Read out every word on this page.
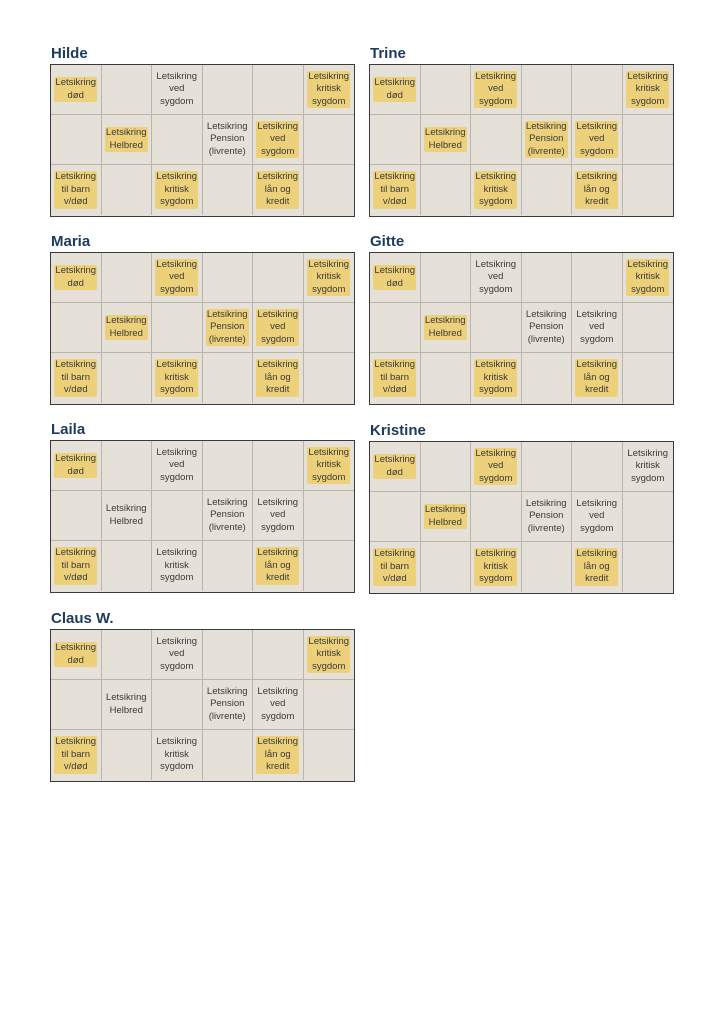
Hilde
Letsikring
død
Letsikring
ved
sygdom
Letsikring
kritisk
sygdom
Letsikring
Helbred
Letsikring
Pension
(livrente)
Letsikring
ved
sygdom
Letsikring
til barn
v/død
Letsikring
kritisk
sygdom
Letsikring
lån og
kredit
Trine
Letsikring
død
Letsikring
ved
sygdom
Letsikring
kritisk
sygdom
Letsikring
Helbred
Letsikring
Pension
(livrente)
Letsikring
ved
sygdom
Letsikring
til barn
v/død
Letsikring
kritisk
sygdom
Letsikring
lån og
kredit
Maria
Letsikring
død
Letsikring
ved
sygdom
Letsikring
kritisk
sygdom
Letsikring
Helbred
Letsikring
Pension
(livrente)
Letsikring
ved
sygdom
Letsikring
til barn
v/død
Letsikring
kritisk
sygdom
Letsikring
lån og
kredit
Gitte
Letsikring
død
Letsikring
ved
sygdom
Letsikring
kritisk
sygdom
Letsikring
Helbred
Letsikring
Pension
(livrente)
Letsikring
ved
sygdom
Letsikring
til barn
v/død
Letsikring
kritisk
sygdom
Letsikring
lån og
kredit
Laila
Letsikring
død
Letsikring
ved
sygdom
Letsikring
kritisk
sygdom
Letsikring
Helbred
Letsikring
Pension
(livrente)
Letsikring
ved
sygdom
Letsikring
til barn
v/død
Letsikring
kritisk
sygdom
Letsikring
lån og
kredit
Kristine
Letsikring
død
Letsikring
ved
sygdom
Letsikring
kritisk
sygdom
Letsikring
Helbred
Letsikring
Pension
(livrente)
Letsikring
ved
sygdom
Letsikring
til barn
v/død
Letsikring
kritisk
sygdom
Letsikring
lån og
kredit
Claus W.
Letsikring
død
Letsikring
ved
sygdom
Letsikring
kritisk
sygdom
Letsikring
Helbred
Letsikring
Pension
(livrente)
Letsikring
ved
sygdom
Letsikring
til barn
v/død
Letsikring
kritisk
sygdom
Letsikring
lån og
kredit
